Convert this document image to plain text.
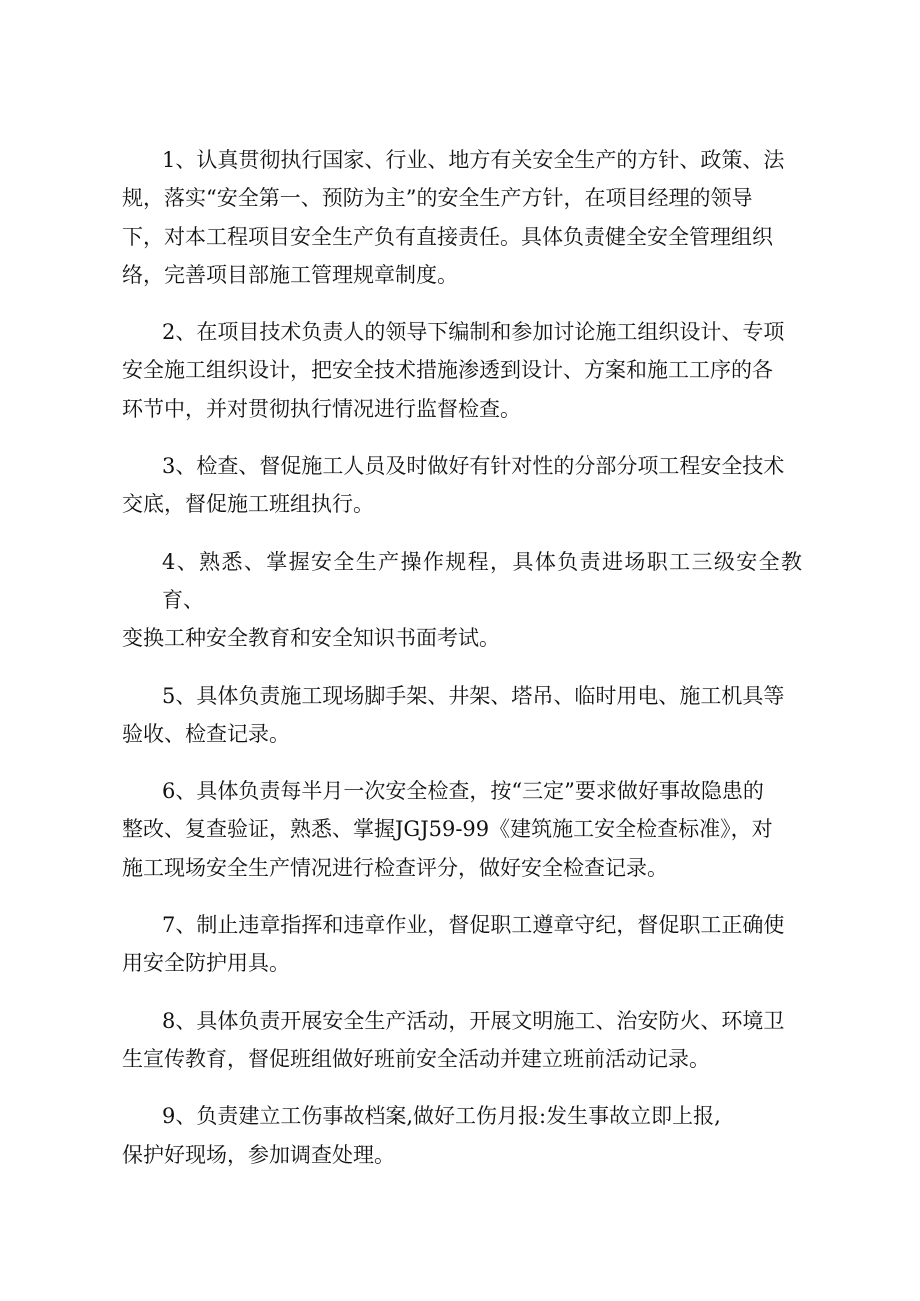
1、认真贯彻执行国家、行业、地方有关安全生产的方针、政策、法
规，落实“安全第一、预防为主”的安全生产方针，在项目经理的领导
下，对本工程项目安全生产负有直接责任。具体负责健全安全管理组织
络，完善项目部施工管理规章制度。

2、在项目技术负责人的领导下编制和参加讨论施工组织设计、专项
安全施工组织设计，把安全技术措施渗透到设计、方案和施工工序的各
环节中，并对贯彻执行情况进行监督检查。

3、检查、督促施工人员及时做好有针对性的分部分项工程安全技术
交底，督促施工班组执行。

4、熟悉、掌握安全生产操作规程，具体负责进场职工三级安全教育、
变换工种安全教育和安全知识书面考试。

5、具体负责施工现场脚手架、井架、塔吊、临时用电、施工机具等
验收、检查记录。

6、具体负责每半月一次安全检查，按“三定”要求做好事故隐患的
整改、复查验证，熟悉、掌握JGJ59-99《建筑施工安全检查标准》，对
施工现场安全生产情况进行检查评分，做好安全检查记录。

7、制止违章指挥和违章作业，督促职工遵章守纪，督促职工正确使
用安全防护用具。

8、具体负责开展安全生产活动，开展文明施工、治安防火、环境卫
生宣传教育，督促班组做好班前安全活动并建立班前活动记录。

9、负责建立工伤事故档案,做好工伤月报:发生事故立即上报,
保护好现场，参加调查处理。
